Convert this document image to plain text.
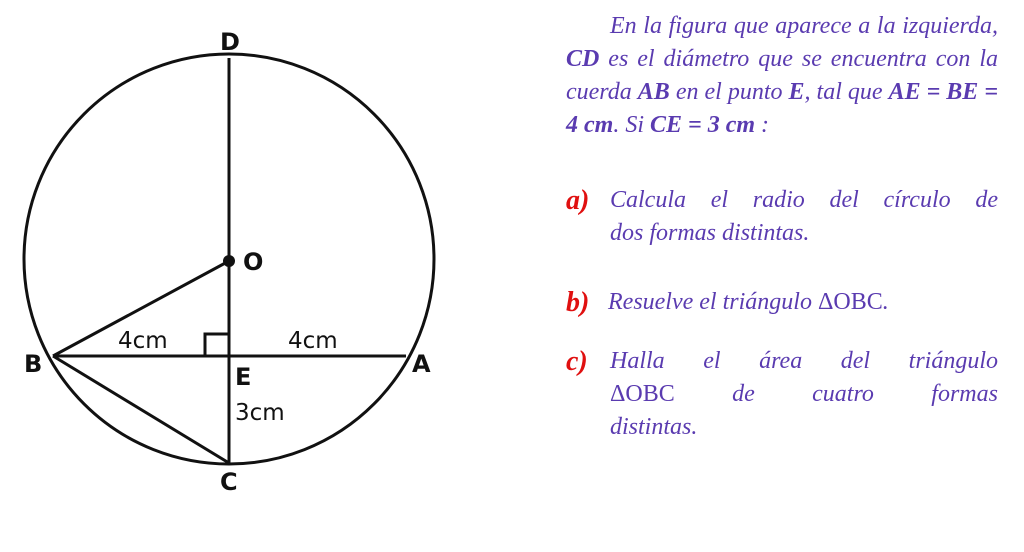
D
O
B	A
E
C
4cm	4cm
3cm

En la figura que aparece a la izquierda, CD es el diámetro que se encuentra con la cuerda AB en el punto E, tal que AE = BE = 4 cm. Si CE = 3 cm :

a) Calcula el radio del círculo de
dos formas distintas.
b) Resuelve el triángulo ΔOBC.
c) Halla el área del triángulo
ΔOBC de cuatro formas
distintas.
